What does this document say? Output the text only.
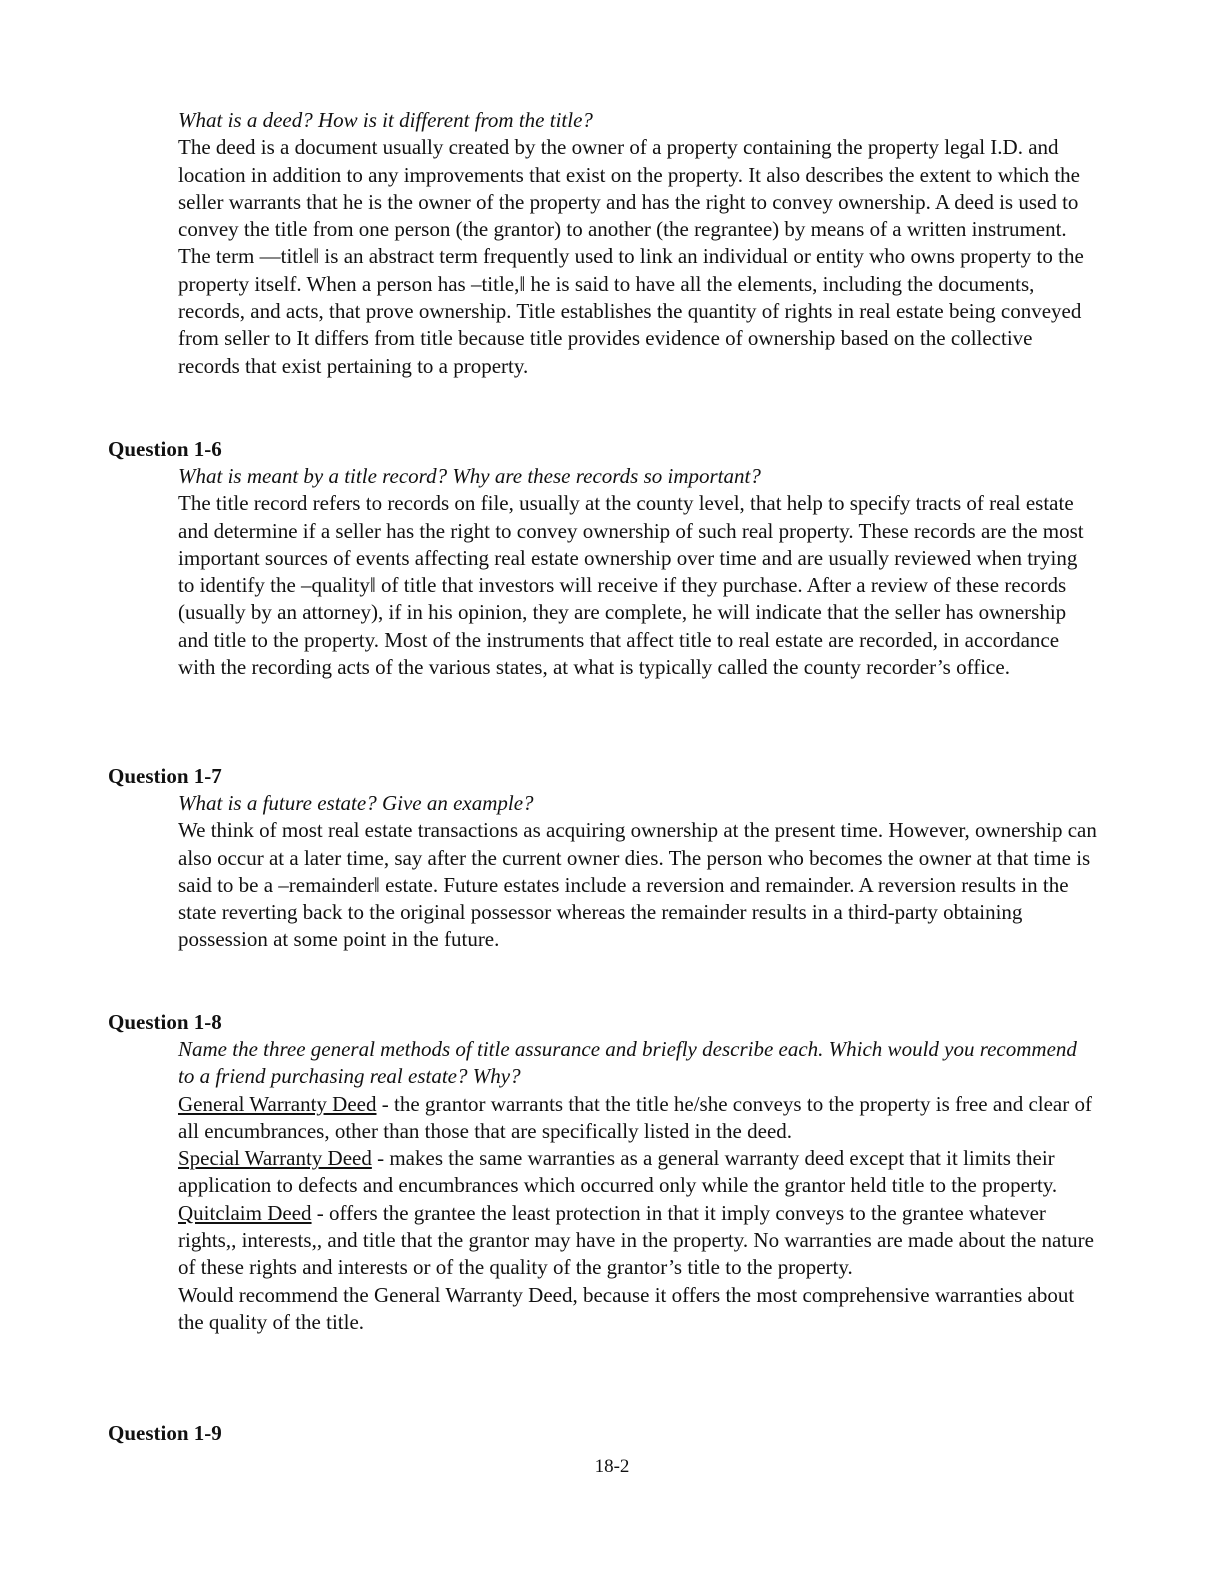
What is a deed? How is it different from the title?
The deed is a document usually created by the owner of a property containing the property legal I.D. and location in addition to any improvements that exist on the property. It also describes the extent to which the seller warrants that he is the owner of the property and has the right to convey ownership. A deed is used to convey the title from one person (the grantor) to another (the regrantee) by means of a written instrument. The term —title‖ is an abstract term frequently used to link an individual or entity who owns property to the property itself. When a person has ‒title,‖ he is said to have all the elements, including the documents, records, and acts, that prove ownership. Title establishes the quantity of rights in real estate being conveyed from seller to It differs from title because title provides evidence of ownership based on the collective records that exist pertaining to a property.
Question 1-6
What is meant by a title record? Why are these records so important?
The title record refers to records on file, usually at the county level, that help to specify tracts of real estate and determine if a seller has the right to convey ownership of such real property. These records are the most important sources of events affecting real estate ownership over time and are usually reviewed when trying to identify the ‒quality‖ of title that investors will receive if they purchase. After a review of these records (usually by an attorney), if in his opinion, they are complete, he will indicate that the seller has ownership and title to the property. Most of the instruments that affect title to real estate are recorded, in accordance with the recording acts of the various states, at what is typically called the county recorder’s office.
Question 1-7
What is a future estate? Give an example?
We think of most real estate transactions as acquiring ownership at the present time. However, ownership can also occur at a later time, say after the current owner dies. The person who becomes the owner at that time is said to be a ‒remainder‖ estate. Future estates include a reversion and remainder. A reversion results in the state reverting back to the original possessor whereas the remainder results in a third-party obtaining possession at some point in the future.
Question 1-8
Name the three general methods of title assurance and briefly describe each. Which would you recommend to a friend purchasing real estate? Why?
General Warranty Deed - the grantor warrants that the title he/she conveys to the property is free and clear of all encumbrances, other than those that are specifically listed in the deed.
Special Warranty Deed - makes the same warranties as a general warranty deed except that it limits their application to defects and encumbrances which occurred only while the grantor held title to the property.
Quitclaim Deed - offers the grantee the least protection in that it imply conveys to the grantee whatever rights,, interests,, and title that the grantor may have in the property. No warranties are made about the nature of these rights and interests or of the quality of the grantor’s title to the property.
Would recommend the General Warranty Deed, because it offers the most comprehensive warranties about the quality of the title.
Question 1-9
18-2
